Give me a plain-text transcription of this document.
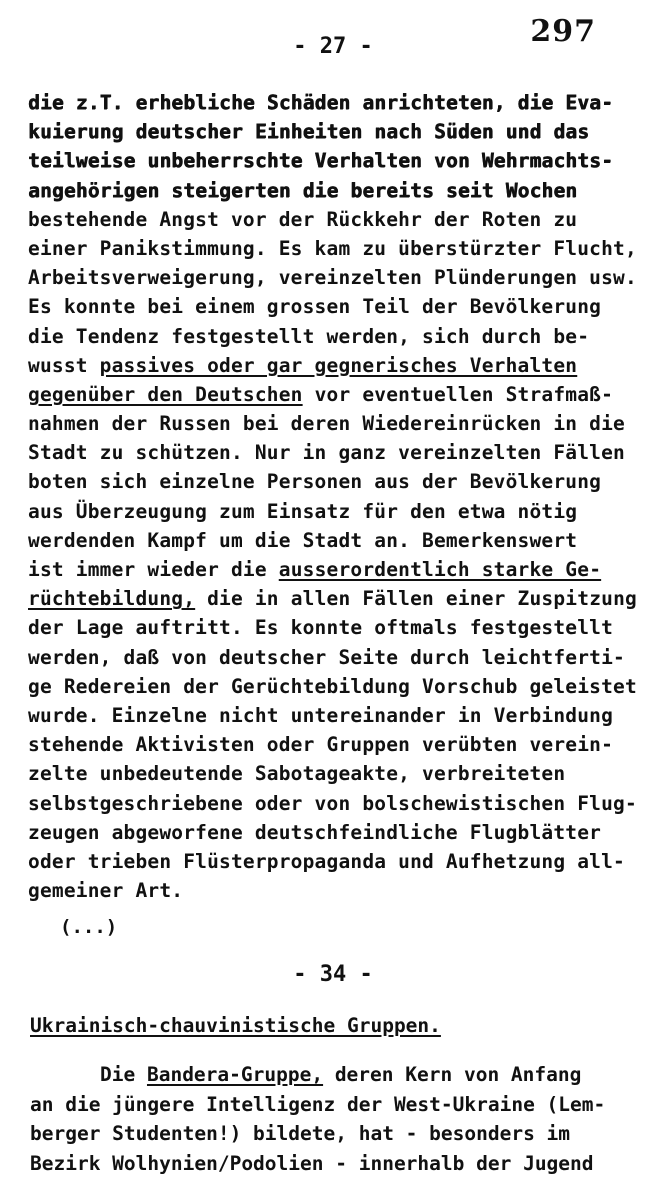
297
- 27 -
die z.T. erhebliche Schäden anrichteten, die Eva-
kuierung deutscher Einheiten nach Süden und das
teilweise unbeherrschte Verhalten von Wehrmachts-
angehörigen steigerten die bereits seit Wochen
bestehende Angst vor der Rückkehr der Roten zu
einer Panikstimmung. Es kam zu überstürzter Flucht,
Arbeitsverweigerung, vereinzelten Plünderungen usw.
Es konnte bei einem grossen Teil der Bevölkerung
die Tendenz festgestellt werden, sich durch be-
wusst passives oder gar gegnerisches Verhalten
gegenüber den Deutschen vor eventuellen Strafmaß-
nahmen der Russen bei deren Wiedereinrücken in die
Stadt zu schützen. Nur in ganz vereinzelten Fällen
boten sich einzelne Personen aus der Bevölkerung
aus Überzeugung zum Einsatz für den etwa nötig
werdenden Kampf um die Stadt an. Bemerkenswert
ist immer wieder die ausserordentlich starke Ge-
rüchtebildung, die in allen Fällen einer Zuspitzung
der Lage auftritt. Es konnte oftmals festgestellt
werden, daß von deutscher Seite durch leichtferti-
ge Redereien der Gerüchtebildung Vorschub geleistet
wurde. Einzelne nicht untereinander in Verbindung
stehende Aktivisten oder Gruppen verübten verein-
zelte unbedeutende Sabotageakte, verbreiteten
selbstgeschriebene oder von bolschewistischen Flug-
zeugen abgeworfene deutschfeindliche Flugblätter
oder trieben Flüsterpropaganda und Aufhetzung all-
gemeiner Art.
(...)
- 34 -
Ukrainisch-chauvinistische Gruppen.
Die Bandera-Gruppe, deren Kern von Anfang
an die jüngere Intelligenz der West-Ukraine (Lem-
berger Studenten!) bildete, hat - besonders im
Bezirk Wolhynien/Podolien - innerhalb der Jugend
